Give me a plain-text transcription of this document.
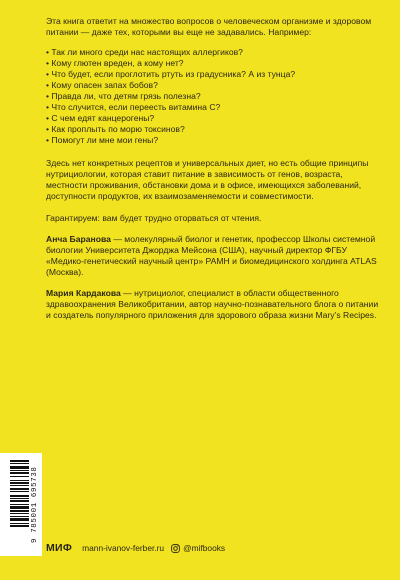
Эта книга ответит на множество вопросов о человеческом организме и здоровом питании — даже тех, которыми вы еще не задавались. Например:

• Так ли много среди нас настоящих аллергиков?
• Кому глютен вреден, а кому нет?
• Что будет, если проглотить ртуть из градусника? А из тунца?
• Кому опасен запах бобов?
• Правда ли, что детям грязь полезна?
• Что случится, если переесть витамина С?
• С чем едят канцерогены?
• Как проплыть по морю токсинов?
• Помогут ли мне мои гены?

Здесь нет конкретных рецептов и универсальных диет, но есть общие принципы нутрициологии, которая ставит питание в зависимость от генов, возраста, местности проживания, обстановки дома и в офисе, имеющихся заболеваний, доступности продуктов, их взаимозаменяемости и совместимости.

Гарантируем: вам будет трудно оторваться от чтения.

Анча Баранова — молекулярный биолог и генетик, профессор Школы системной биологии Университета Джорджа Мейсона (США), научный директор ФГБУ «Медико-генетический научный центр» РАМН и биомедицинского холдинга ATLAS (Москва).

Мария Кардакова — нутрициолог, специалист в области общественного здравоохранения Великобритании, автор научно-познавательного блога о питании и создатель популярного приложения для здорового образа жизни Mary’s Recipes.

9 785001 695738
МИФ mann-ivanov-ferber.ru @mifbooks
